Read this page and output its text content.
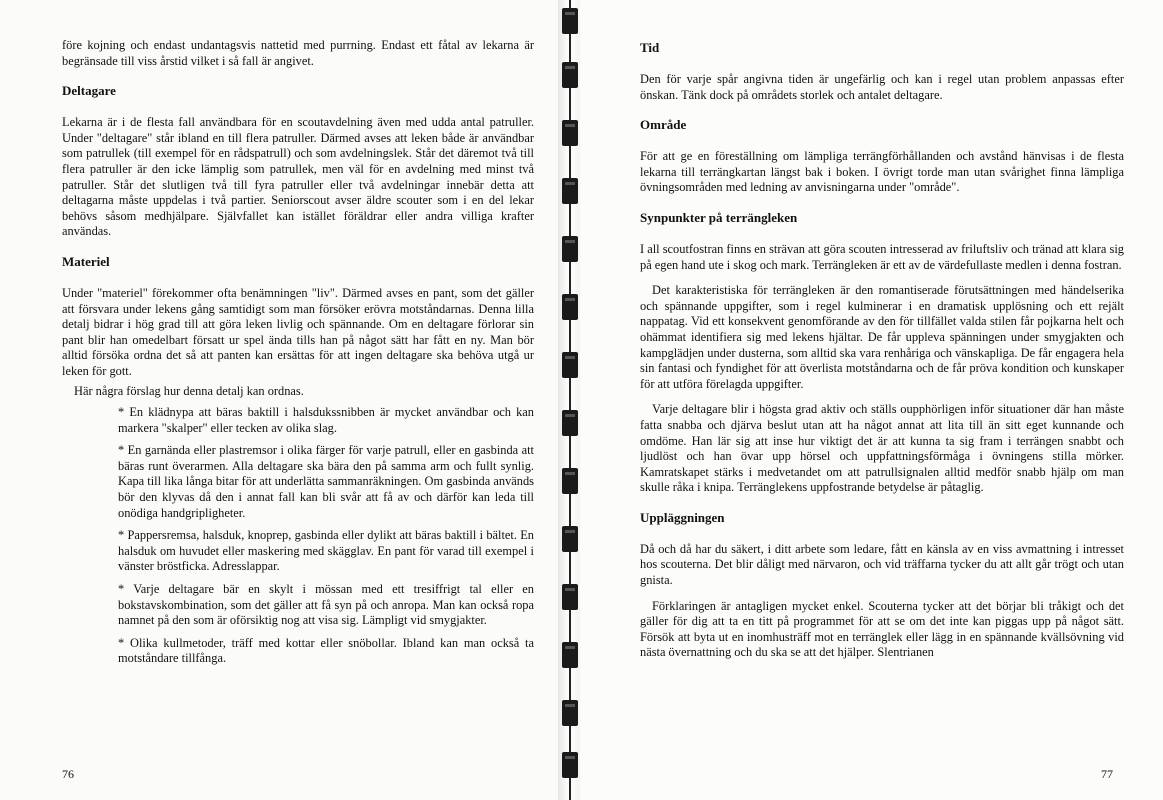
före kojning och endast undantagsvis nattetid med purrning. Endast ett fåtal av lekarna är begränsade till viss årstid vilket i så fall är angivet.

Deltagare

Lekarna är i de flesta fall användbara för en scoutavdelning även med udda antal patruller. Under "deltagare" står ibland en till flera patruller. Därmed avses att leken både är användbar som patrullek (till exempel för en rådspatrull) och som avdelningslek. Står det däremot två till flera patruller är den icke lämplig som patrullek, men väl för en avdelning med minst två patruller. Står det slutligen två till fyra patruller eller två avdelningar innebär detta att deltagarna måste uppdelas i två partier. Seniorscout avser äldre scouter som i en del lekar behövs såsom medhjälpare. Självfallet kan istället föräldrar eller andra villiga krafter användas.

Materiel

Under "materiel" förekommer ofta benämningen "liv". Därmed avses en pant, som det gäller att försvara under lekens gång samtidigt som man försöker erövra motståndarnas. Denna lilla detalj bidrar i hög grad till att göra leken livlig och spännande. Om en deltagare förlorar sin pant blir han omedelbart försatt ur spel ända tills han på något sätt har fått en ny. Man bör alltid försöka ordna det så att panten kan ersättas för att ingen deltagare ska behöva utgå ur leken för gott.

Här några förslag hur denna detalj kan ordnas.

* En klädnypa att bäras baktill i halsdukssnibben är mycket användbar och kan markera "skalper" eller tecken av olika slag.

* En garnända eller plastremsor i olika färger för varje patrull, eller en gasbinda att bäras runt överarmen. Alla deltagare ska bära den på samma arm och fullt synlig. Kapa till lika långa bitar för att underlätta sammanräkningen. Om gasbinda används bör den klyvas då den i annat fall kan bli svår att få av och därför kan leda till onödiga handgripligheter.

* Pappersremsa, halsduk, knoprep, gasbinda eller dylikt att bäras baktill i bältet. En halsduk om huvudet eller maskering med skägglav. En pant för varad till exempel i vänster bröstficka. Adresslappar.

* Varje deltagare bär en skylt i mössan med ett tresiffrigt tal eller en bokstavskombination, som det gäller att få syn på och anropa. Man kan också ropa namnet på den som är oförsiktig nog att visa sig. Lämpligt vid smygjakter.

* Olika kullmetoder, träff med kottar eller snöbollar. Ibland kan man också ta motståndare tillfånga.

76
Tid

Den för varje spår angivna tiden är ungefärlig och kan i regel utan problem anpassas efter önskan. Tänk dock på områdets storlek och antalet deltagare.

Område

För att ge en föreställning om lämpliga terrängförhållanden och avstånd hänvisas i de flesta lekarna till terrängkartan längst bak i boken. I övrigt torde man utan svårighet finna lämpliga övningsområden med ledning av anvisningarna under "område".

Synpunkter på terrängleken

I all scoutfostran finns en strävan att göra scouten intresserad av friluftsliv och tränad att klara sig på egen hand ute i skog och mark. Terrängleken är ett av de värdefullaste medlen i denna fostran.

Det karakteristiska för terrängleken är den romantiserade förutsättningen med händelserika och spännande uppgifter, som i regel kulminerar i en dramatisk upplösning och ett rejält nappatag. Vid ett konsekvent genomförande av den för tillfället valda stilen får pojkarna helt och ohämmat identifiera sig med lekens hjältar. De får uppleva spänningen under smygjakten och kampglädjen under dusterna, som alltid ska vara renhåriga och vänskapliga. De får engagera hela sin fantasi och fyndighet för att överlista motståndarna och de får pröva kondition och kunskaper för att utföra förelagda uppgifter.

Varje deltagare blir i högsta grad aktiv och ställs oupphörligen inför situationer där han måste fatta snabba och djärva beslut utan att ha något annat att lita till än sitt eget kunnande och omdöme. Han lär sig att inse hur viktigt det är att kunna ta sig fram i terrängen snabbt och ljudlöst och han övar upp hörsel och uppfattningsförmåga i övningens stilla mörker. Kamratskapet stärks i medvetandet om att patrullsignalen alltid medför snabb hjälp om man skulle råka i knipa. Terränglekens uppfostrande betydelse är påtaglig.

Uppläggningen

Då och då har du säkert, i ditt arbete som ledare, fått en känsla av en viss avmattning i intresset hos scouterna. Det blir dåligt med närvaron, och vid träffarna tycker du att allt går trögt och utan gnista.

Förklaringen är antagligen mycket enkel. Scouterna tycker att det börjar bli tråkigt och det gäller för dig att ta en titt på programmet för att se om det inte kan piggas upp på något sätt. Försök att byta ut en inomhusträff mot en terränglek eller lägg in en spännande kvällsövning vid nästa övernattning och du ska se att det hjälper. Slentrianen

77
